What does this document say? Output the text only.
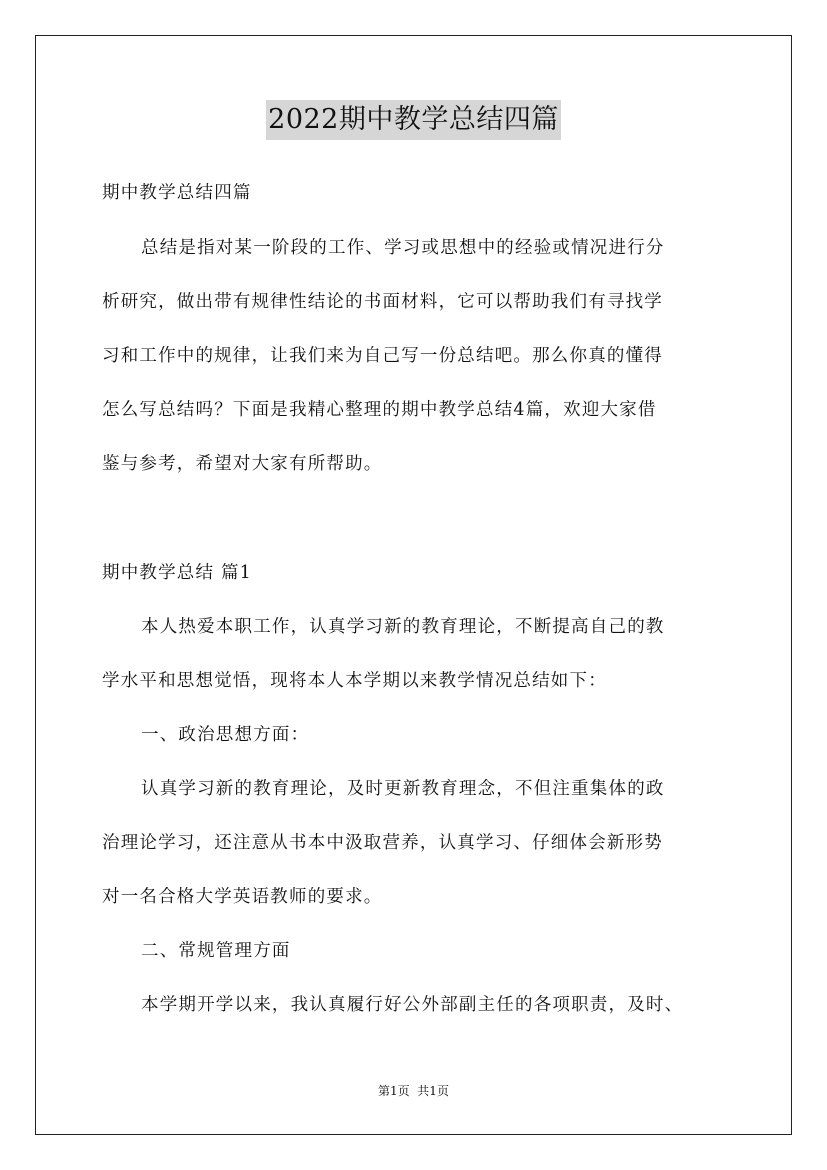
2022期中教学总结四篇
期中教学总结四篇
总结是指对某一阶段的工作、学习或思想中的经验或情况进行分
析研究，做出带有规律性结论的书面材料，它可以帮助我们有寻找学
习和工作中的规律，让我们来为自己写一份总结吧。那么你真的懂得
怎么写总结吗？下面是我精心整理的期中教学总结4篇，欢迎大家借
鉴与参考，希望对大家有所帮助。
期中教学总结 篇1
本人热爱本职工作，认真学习新的教育理论，不断提高自己的教
学水平和思想觉悟，现将本人本学期以来教学情况总结如下：
一、政治思想方面：
认真学习新的教育理论，及时更新教育理念，不但注重集体的政
治理论学习，还注意从书本中汲取营养，认真学习、仔细体会新形势
对一名合格大学英语教师的要求。
二、常规管理方面
本学期开学以来，我认真履行好公外部副主任的各项职责，及时、
第1页  共1页
